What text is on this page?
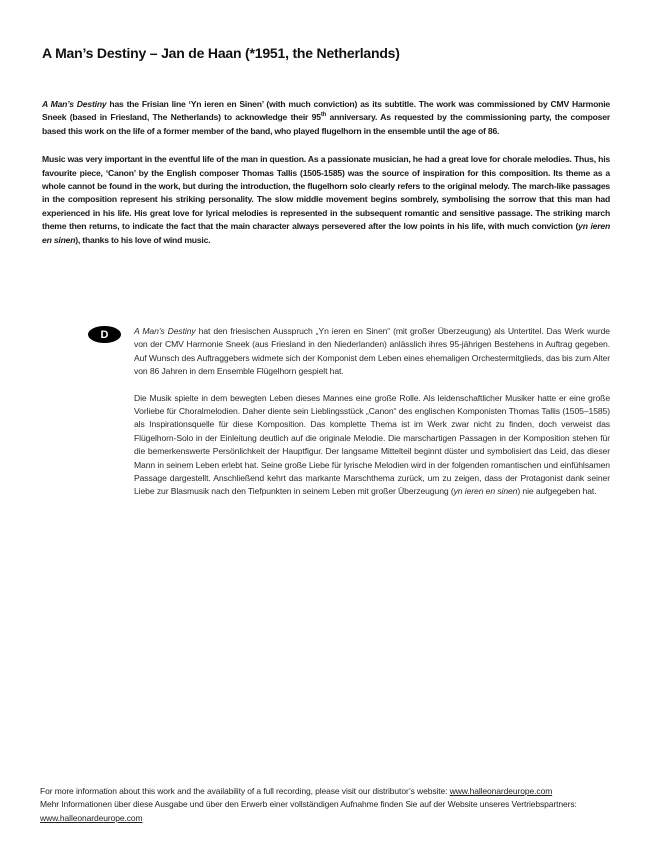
A Man’s Destiny – Jan de Haan (*1951, the Netherlands)

A Man’s Destiny has the Frisian line ‘Yn ieren en Sinen’ (with much conviction) as its subtitle. The work was commissioned by CMV Harmonie Sneek (based in Friesland, The Netherlands) to acknowledge their 95th anniversary. As requested by the commissioning party, the composer based this work on the life of a former member of the band, who played flugelhorn in the ensemble until the age of 86.

Music was very important in the eventful life of the man in question. As a passionate musician, he had a great love for chorale melodies. Thus, his favourite piece, ‘Canon’ by the English composer Thomas Tallis (1505-1585) was the source of inspiration for this composition. Its theme as a whole cannot be found in the work, but during the introduction, the flugelhorn solo clearly refers to the original melody. The march-like passages in the composition represent his striking personality. The slow middle movement begins sombrely, symbolising the sorrow that this man had experienced in his life. His great love for lyrical melodies is represented in the subsequent romantic and sensitive passage. The striking march theme then returns, to indicate the fact that the main character always persevered after the low points in his life, with much conviction (yn ieren en sinen), thanks to his love of wind music.

D	A Man’s Destiny hat den friesischen Ausspruch „Yn ieren en Sinen“ (mit großer Überzeugung) als Untertitel. Das Werk wurde von der CMV Harmonie Sneek (aus Friesland in den Niederlanden) anlässlich ihres 95-jährigen Bestehens in Auftrag gegeben. Auf Wunsch des Auftraggebers widmete sich der Komponist dem Leben eines ehemaligen Orchestermitglieds, das bis zum Alter von 86 Jahren in dem Ensemble Flügelhorn gespielt hat.

Die Musik spielte in dem bewegten Leben dieses Mannes eine große Rolle. Als leidenschaftlicher Musiker hatte er eine große Vorliebe für Choralmelodien. Daher diente sein Lieblingsstück „Canon“ des englischen Komponisten Thomas Tallis (1505–1585) als Inspirationsquelle für diese Komposition. Das komplette Thema ist im Werk zwar nicht zu finden, doch verweist das Flügelhorn-Solo in der Einleitung deutlich auf die originale Melodie. Die marschartigen Passagen in der Komposition stehen für die bemerkenswerte Persönlichkeit der Hauptfigur. Der langsame Mittelteil beginnt düster und symbolisiert das Leid, das dieser Mann in seinem Leben erlebt hat. Seine große Liebe für lyrische Melodien wird in der folgenden romantischen und einfühlsamen Passage dargestellt. Anschließend kehrt das markante Marschthema zurück, um zu zeigen, dass der Protagonist dank seiner Liebe zur Blasmusik nach den Tiefpunkten in seinem Leben mit großer Überzeugung (yn ieren en sinen) nie aufgegeben hat.

For more information about this work and the availability of a full recording, please visit our distributor’s website: www.halleonardeurope.com
Mehr Informationen über diese Ausgabe und über den Erwerb einer vollständigen Aufnahme finden Sie auf der Website unseres Vertriebspartners:
www.halleonardeurope.com
